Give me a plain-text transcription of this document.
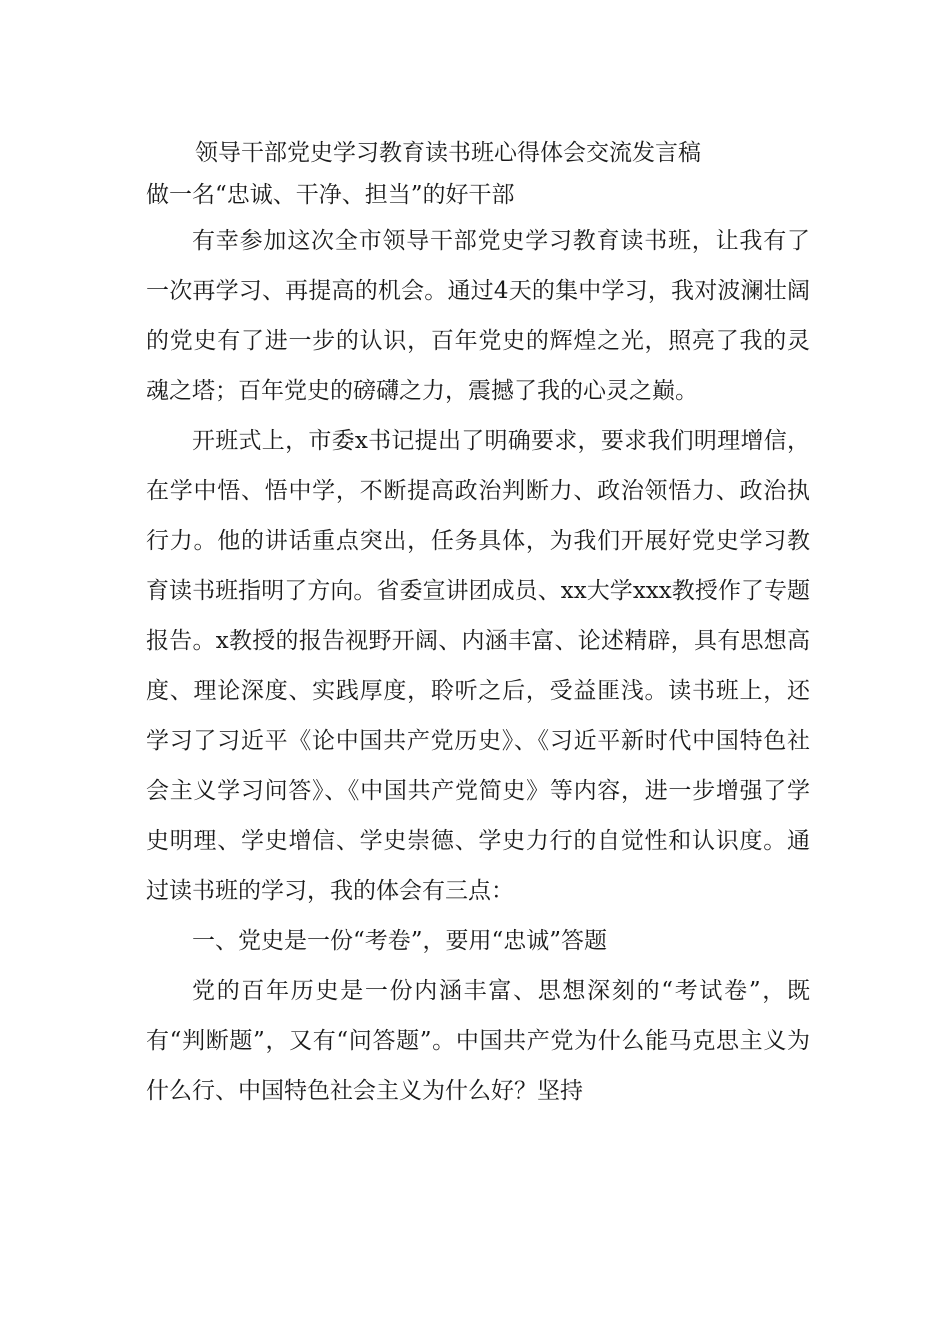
领导干部党史学习教育读书班心得体会交流发言稿
做一名“忠诚、干净、担当”的好干部

有幸参加这次全市领导干部党史学习教育读书班，让我有了一次再学习、再提高的机会。通过4天的集中学习，我对波澜壮阔的党史有了进一步的认识，百年党史的辉煌之光，照亮了我的灵魂之塔；百年党史的磅礴之力，震撼了我的心灵之巅。

开班式上，市委x书记提出了明确要求，要求我们明理增信，在学中悟、悟中学，不断提高政治判断力、政治领悟力、政治执行力。他的讲话重点突出，任务具体，为我们开展好党史学习教育读书班指明了方向。省委宣讲团成员、xx大学xxx教授作了专题报告。x教授的报告视野开阔、内涵丰富、论述精辟，具有思想高度、理论深度、实践厚度，聆听之后，受益匪浅。读书班上，还学习了习近平《论中国共产党历史》、《习近平新时代中国特色社会主义学习问答》、《中国共产党简史》等内容，进一步增强了学史明理、学史增信、学史崇德、学史力行的自觉性和认识度。通过读书班的学习，我的体会有三点：

一、党史是一份“考卷”，要用“忠诚”答题

党的百年历史是一份内涵丰富、思想深刻的“考试卷”，既有“判断题”，又有“问答题”。中国共产党为什么能马克思主义为什么行、中国特色社会主义为什么好？坚持
